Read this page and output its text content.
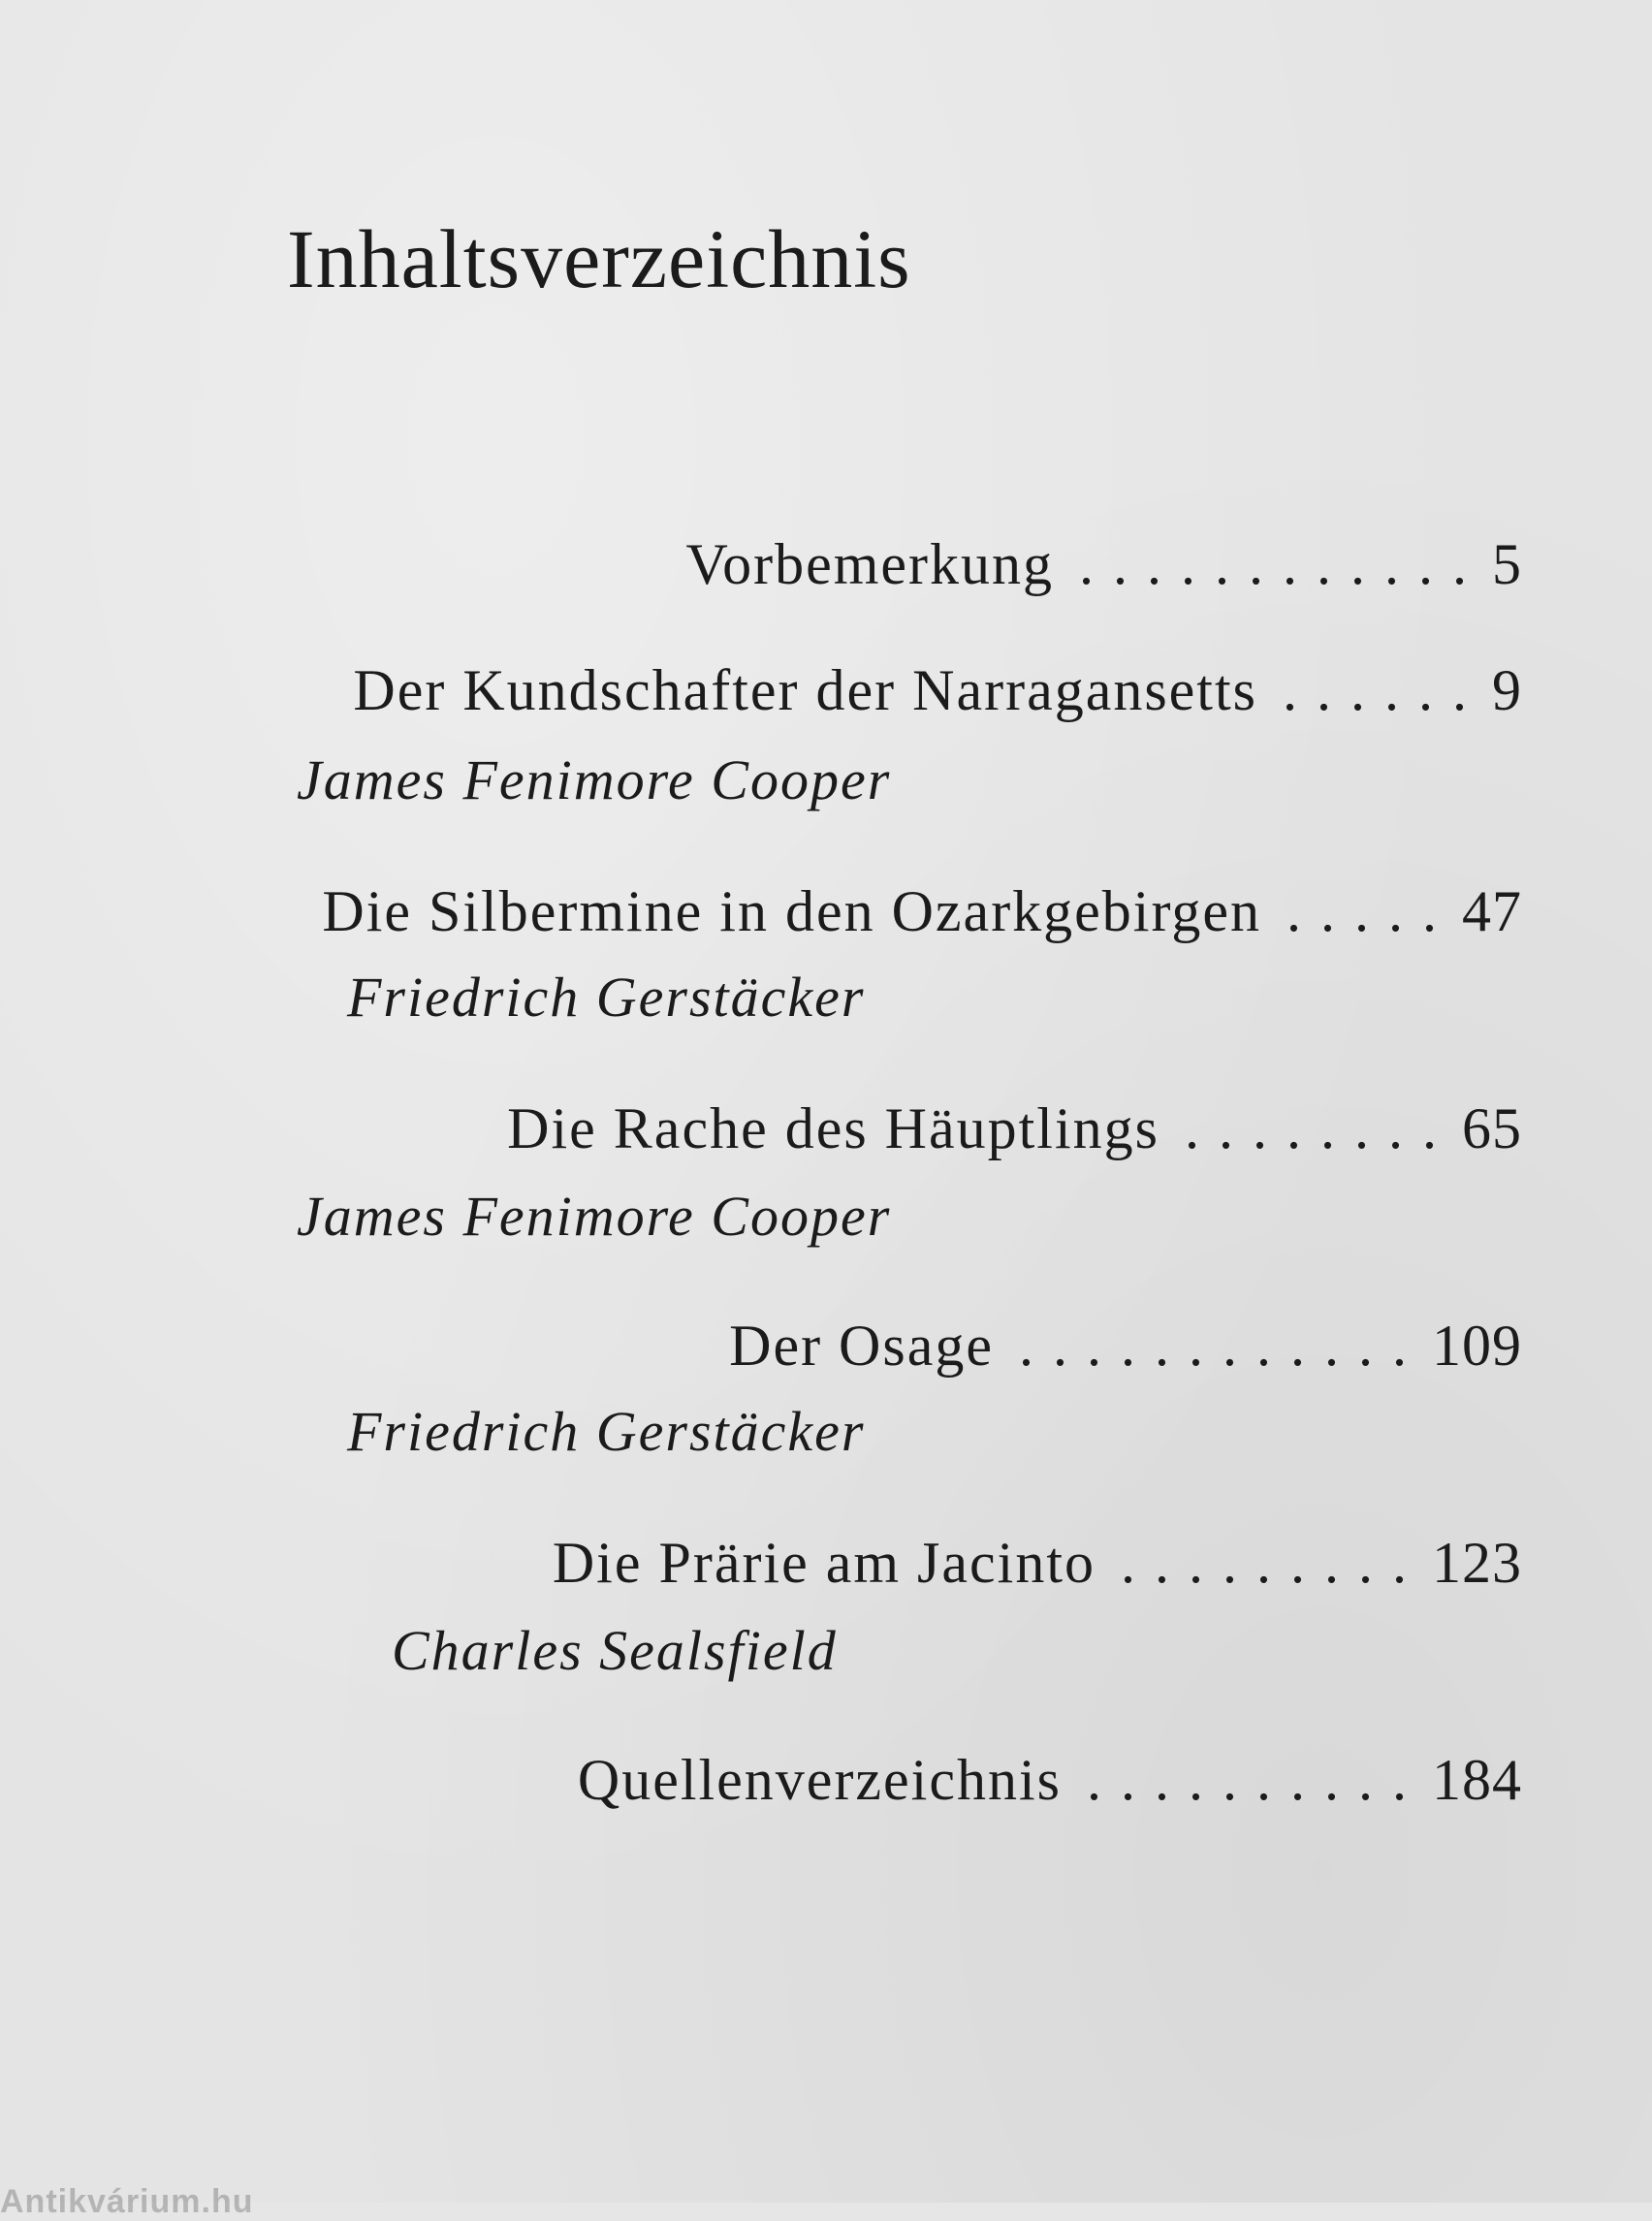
Inhaltsverzeichnis
Vorbemerkung ............ 5
Der Kundschafter der Narragansetts ...... 9
James Fenimore Cooper
Die Silbermine in den Ozarkgebirgen ..... 47
Friedrich Gerstäcker
Die Rache des Häuptlings ........ 65
James Fenimore Cooper
Der Osage ............ 109
Friedrich Gerstäcker
Die Prärie am Jacinto ......... 123
Charles Sealsfield
Quellenverzeichnis .......... 184
Antikvárium.hu
